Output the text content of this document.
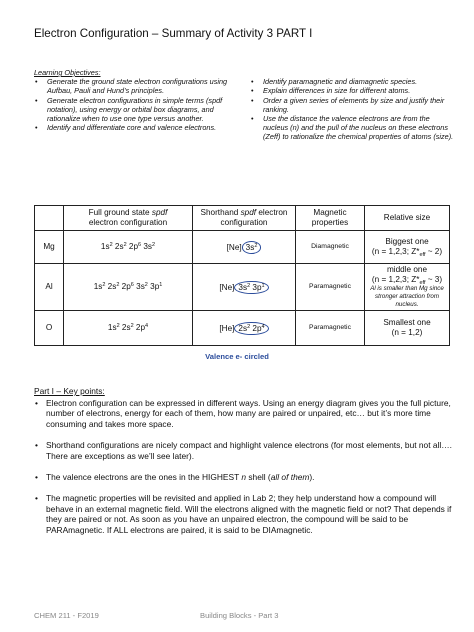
Electron Configuration – Summary of Activity 3 PART I
Learning Objectives:
• Generate the ground state electron configurations using Aufbau, Pauli and Hund’s principles.
• Generate electron configurations in simple terms (spdf notation), using energy or orbital box diagrams, and rationalize when to use one type versus another.
• Identify and differentiate core and valence electrons.
• Identify paramagnetic and diamagnetic species.
• Explain differences in size for different atoms.
• Order a given series of elements by size and justify their ranking.
• Use the distance the valence electrons are from the nucleus (n) and the pull of the nucleus on these electrons (Zeff) to rationalize the chemical properties of atoms (size).
	Full ground state spdf
electron configuration	Shorthand spdf electron configuration	Magnetic
properties	Relative size
Mg	$1s^2$ $2s^2$ $2p^6$ $3s^2$	[Ne] $3s^2$	Diamagnetic	Biggest one
(n = 1,2,3; $Z*_{eff}$ ~ 2)

Al	$1s^2$ $2s^2$ $2p^6$ $3s^2$ $3p^1$	[Ne] $3s^2$ $3p^1$	Paramagnetic	middle one
(n = 1,2,3; $Z*_{eff}$ ~ 3)
Al is smaller than Mg since stronger attraction from nucleus.

O	$1s^2$ $2s^2$ $2p^4$	[He] $2s^2$ $2p^4$	Paramagnetic	Smallest one
(n = 1,2)
Valence e- circled
Part I – Key points:
• Electron configuration can be expressed in different ways. Using an energy diagram gives you the full picture, number of electrons, energy for each of them, how many are paired or unpaired, etc… but it’s more time consuming and takes more space.
• Shorthand configurations are nicely compact and highlight valence electrons (for most elements, but not all…. There are exceptions as we’ll see later).
• The valence electrons are the ones in the HIGHEST n shell (all of them).
• The magnetic properties will be revisited and applied in Lab 2; they help understand how a compound will behave in an external magnetic field. Will the electrons aligned with the magnetic field or not? That depends if they are paired or not. As soon as you have an unpaired electron, the compound will be said to be PARAmagnetic. If ALL electrons are paired, it is said to be DIAmagnetic.
CHEM 211 - F2019	Building Blocks - Part 3
